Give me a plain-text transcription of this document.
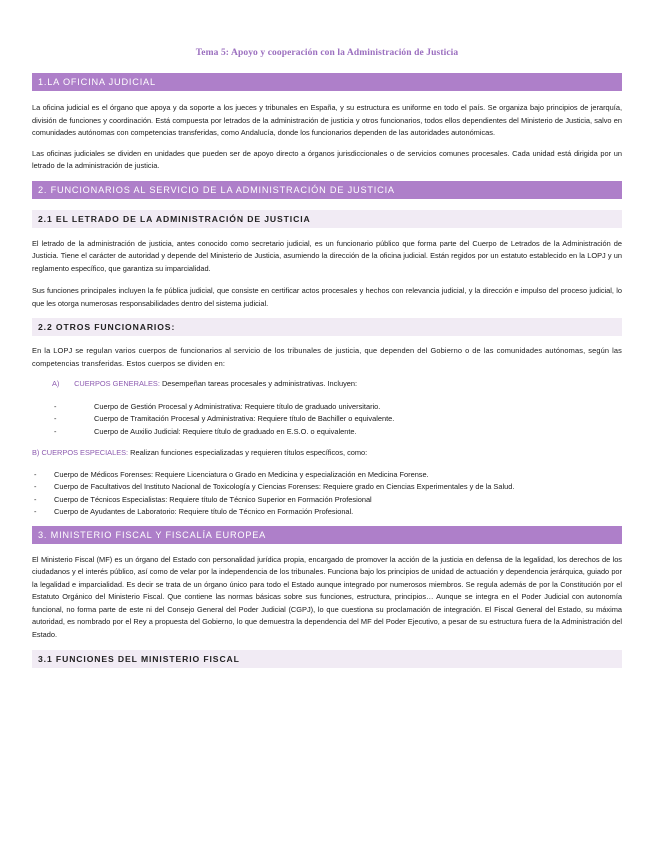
Tema 5: Apoyo y cooperación con la Administración de Justicia
1.LA OFICINA JUDICIAL

La oficina judicial es el órgano que apoya y da soporte a los jueces y tribunales en España, y su estructura es uniforme en todo el país. Se organiza bajo principios de jerarquía, división de funciones y coordinación. Está compuesta por letrados de la administración de justicia y otros funcionarios, todos ellos dependientes del Ministerio de Justicia, salvo en comunidades autónomas con competencias transferidas, como Andalucía, donde los funcionarios dependen de las autoridades autonómicas.

Las oficinas judiciales se dividen en unidades que pueden ser de apoyo directo a órganos jurisdiccionales o de servicios comunes procesales. Cada unidad está dirigida por un letrado de la administración de justicia.

2. FUNCIONARIOS AL SERVICIO DE LA ADMINISTRACIÓN DE JUSTICIA
2.1 EL LETRADO DE LA ADMINISTRACIÓN DE JUSTICIA

El letrado de la administración de justicia, antes conocido como secretario judicial, es un funcionario público que forma parte del Cuerpo de Letrados de la Administración de Justicia. Tiene el carácter de autoridad y depende del Ministerio de Justicia, asumiendo la dirección de la oficina judicial. Están regidos por un estatuto establecido en la LOPJ y un reglamento específico, que garantiza su imparcialidad.

Sus funciones principales incluyen la fe pública judicial, que consiste en certificar actos procesales y hechos con relevancia judicial, y la dirección e impulso del proceso judicial, lo que les otorga numerosas responsabilidades dentro del sistema judicial.

2.2 OTROS FUNCIONARIOS:

En la LOPJ se regulan varios cuerpos de funcionarios al servicio de los tribunales de justicia, que dependen del Gobierno o de las comunidades autónomas, según las competencias transferidas. Estos cuerpos se dividen en:

A) CUERPOS GENERALES: Desempeñan tareas procesales y administrativas. Incluyen:

-	Cuerpo de Gestión Procesal y Administrativa: Requiere título de graduado universitario.
-	Cuerpo de Tramitación Procesal y Administrativa: Requiere título de Bachiller o equivalente.
-	Cuerpo de Auxilio Judicial: Requiere título de graduado en E.S.O. o equivalente.

B) CUERPOS ESPECIALES: Realizan funciones especializadas y requieren títulos específicos, como:

-	Cuerpo de Médicos Forenses: Requiere Licenciatura o Grado en Medicina y especialización en Medicina Forense.
-	Cuerpo de Facultativos del Instituto Nacional de Toxicología y Ciencias Forenses: Requiere grado en Ciencias Experimentales y de la Salud.
-	Cuerpo de Técnicos Especialistas: Requiere título de Técnico Superior en Formación Profesional
-	Cuerpo de Ayudantes de Laboratorio: Requiere título de Técnico en Formación Profesional.
3. MINISTERIO FISCAL Y FISCALÍA EUROPEA

El Ministerio Fiscal (MF) es un órgano del Estado con personalidad jurídica propia, encargado de promover la acción de la justicia en defensa de la legalidad, los derechos de los ciudadanos y el interés público, así como de velar por la independencia de los tribunales. Funciona bajo los principios de unidad de actuación y dependencia jerárquica, guiado por la legalidad e imparcialidad. Es decir se trata de un órgano único para todo el Estado aunque integrado por numerosos miembros. Se regula además de por la Constitución por el Estatuto Orgánico del Ministerio Fiscal. Que contiene las normas básicas sobre sus funciones, estructura, principios… Aunque se integra en el Poder Judicial con autonomía funcional, no forma parte de este ni del Consejo General del Poder Judicial (CGPJ), lo que cuestiona su proclamación de integración. El Fiscal General del Estado, su máxima autoridad, es nombrado por el Rey a propuesta del Gobierno, lo que demuestra la dependencia del MF del Poder Ejecutivo, a pesar de su estructura fuera de la Administración del Estado.

3.1 FUNCIONES DEL MINISTERIO FISCAL
